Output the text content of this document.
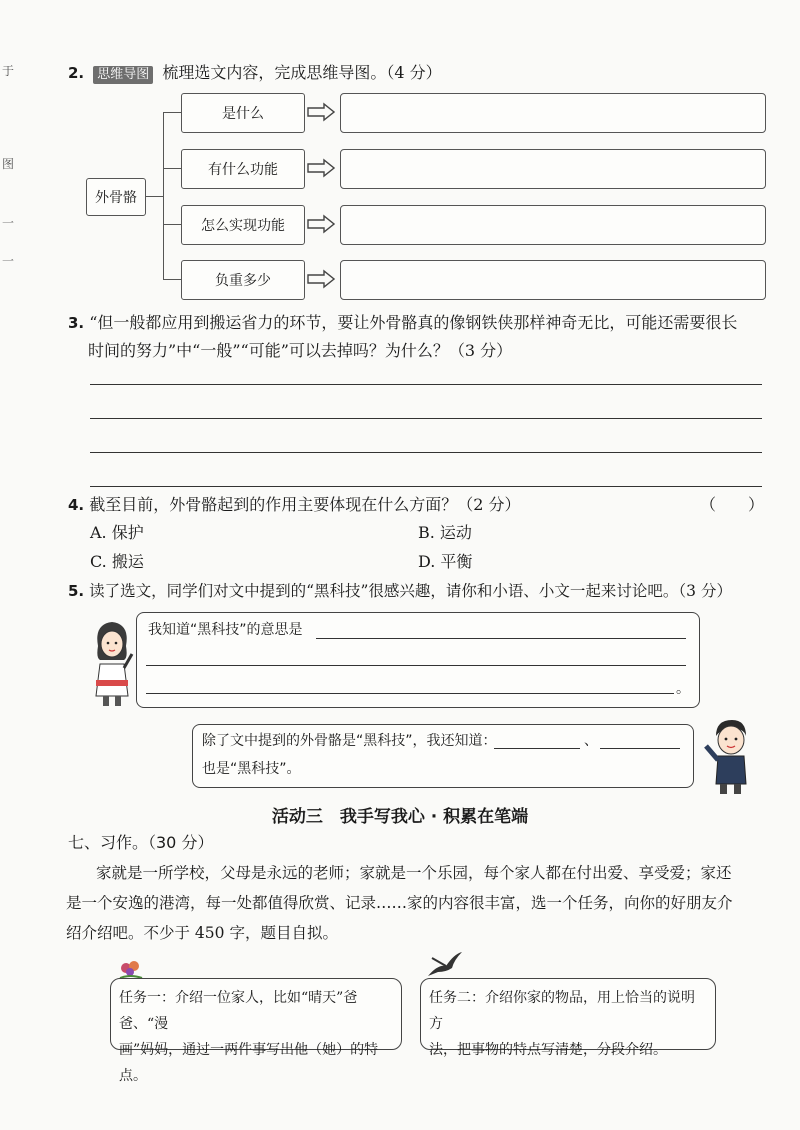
于
图
一
一
2. 思维导图 梳理选文内容，完成思维导图。（4 分）
外骨骼
是什么
有什么功能
怎么实现功能
负重多少
3. “但一般都应用到搬运省力的环节，要让外骨骼真的像钢铁侠那样神奇无比，可能还需要很长
时间的努力”中“一般”“可能”可以去掉吗？为什么？（3 分）
4. 截至目前，外骨骼起到的作用主要体现在什么方面？（2 分）	（　　）
A. 保护	B. 运动
C. 搬运	D. 平衡
5. 读了选文，同学们对文中提到的“黑科技”很感兴趣，请你和小语、小文一起来讨论吧。（3 分）
我知道“黑科技”的意思是
。
除了文中提到的外骨骼是“黑科技”，我还知道：	、
也是“黑科技”。
活动三　我手写我心 · 积累在笔端
七、习作。（30 分）
家就是一所学校，父母是永远的老师；家就是一个乐园，每个家人都在付出爱、享受爱；家还
是一个安逸的港湾，每一处都值得欣赏、记录……家的内容很丰富，选一个任务，向你的好朋友介
绍介绍吧。不少于 450 字，题目自拟。
任务一：介绍一位家人，比如“晴天”爸爸、“漫
画”妈妈，通过一两件事写出他（她）的特点。
任务二：介绍你家的物品，用上恰当的说明方
法，把事物的特点写清楚，分段介绍。
